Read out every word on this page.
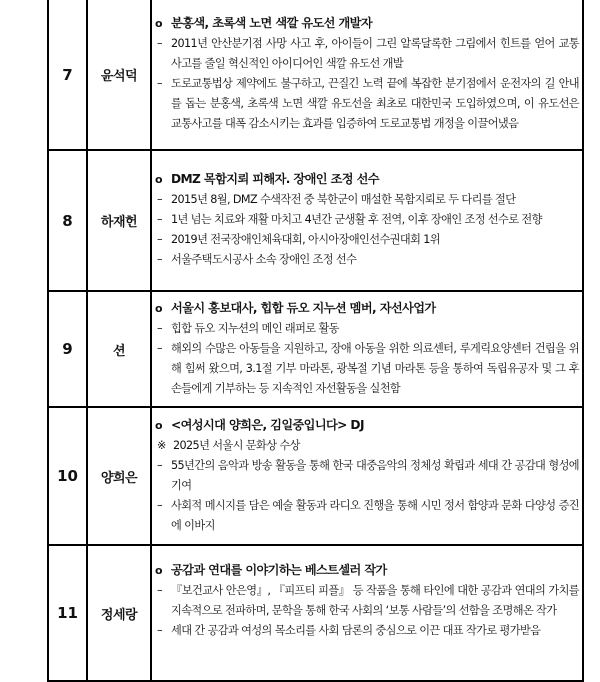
7	윤석덕	
o 분홍색, 초록색 노면 색깔 유도선 개발자
– 2011년 안산분기점 사망 사고 후, 아이들이 그린 알록달록한 그림에서 힌트를 얻어 교통사고를 줄일 혁신적인 아이디어인 색깔 유도선 개발
– 도로교통법상 제약에도 불구하고, 끈질긴 노력 끝에 복잡한 분기점에서 운전자의 길 안내를 돕는 분홍색, 초록색 노면 색깔 유도선을 최초로 대한민국 도입하였으며, 이 유도선은 교통사고를 대폭 감소시키는 효과를 입증하여 도로교통법 개정을 이끌어냈음

8	하재헌	
o DMZ 목함지뢰 피해자. 장애인 조정 선수
– 2015년 8월, DMZ 수색작전 중 북한군이 매설한 목함지뢰로 두 다리를 절단
– 1년 넘는 치료와 재활 마치고 4년간 군생활 후 전역, 이후 장애인 조정 선수로 전향
– 2019년 전국장애인체육대회, 아시아장애인선수권대회 1위
– 서울주택도시공사 소속 장애인 조정 선수

9	션	
o 서울시 홍보대사, 힙합 듀오 지누션 멤버, 자선사업가
– 힙합 듀오 지누션의 메인 래퍼로 활동
– 해외의 수많은 아동들을 지원하고, 장애 아동을 위한 의료센터, 루게릭요양센터 건립을 위해 힘써 왔으며, 3.1절 기부 마라톤, 광복절 기념 마라톤 등을 통하여 독립유공자 및 그 후손들에게 기부하는 등 지속적인 자선활동을 실천함

10	양희은	
o <여성시대 양희은, 김일중입니다> DJ
※ 2025년 서울시 문화상 수상
– 55년간의 음악과 방송 활동을 통해 한국 대중음악의 정체성 확립과 세대 간 공감대 형성에 기여
– 사회적 메시지를 담은 예술 활동과 라디오 진행을 통해 시민 정서 함양과 문화 다양성 증진에 이바지

11	정세랑	
o 공감과 연대를 이야기하는 베스트셀러 작가
– 『보건교사 안은영』, 『피프티 피플』 등 작품을 통해 타인에 대한 공감과 연대의 가치를 지속적으로 전파하며, 문학을 통해 한국 사회의 ‘보통 사람들’의 선함을 조명해온 작가
– 세대 간 공감과 여성의 목소리를 사회 담론의 중심으로 이끈 대표 작가로 평가받음
